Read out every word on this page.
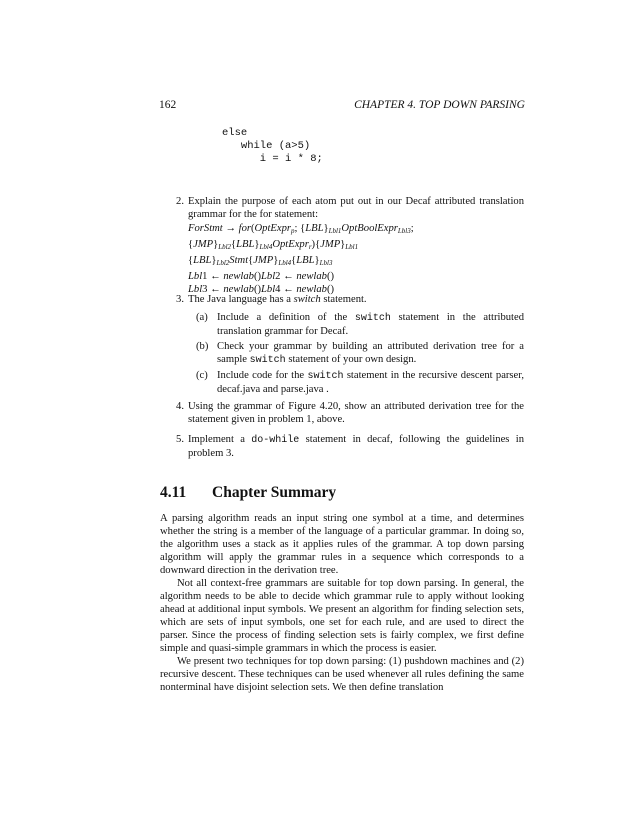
162	CHAPTER 4. TOP DOWN PARSING
else
while (a>5)
i = i * 8;
2. Explain the purpose of each atom put out in our Decaf attributed translation grammar for the for statement:
ForStmt → for(OptExpr$_p$; $\{LBL\}_{Lbl1}OptBoolExpr_{Lbl3}$;
$\{JMP\}_{Lbl2}\{LBL\}_{Lbl4}OptExpr_r)\{JMP\}_{Lbl1}$
$\{LBL\}_{Lbl2}Stmt\{JMP\}_{Lbl4}\{LBL\}_{Lbl3}$
Lbl1 ← newlab()Lbl2 ← newlab()
Lbl3 ← newlab()Lbl4 ← newlab()
3. The Java language has a switch statement.
(a) Include a definition of the switch statement in the attributed translation grammar for Decaf.
(b) Check your grammar by building an attributed derivation tree for a sample switch statement of your own design.
(c) Include code for the switch statement in the recursive descent parser, decaf.java and parse.java .
4. Using the grammar of Figure 4.20, show an attributed derivation tree for the statement given in problem 1, above.
5. Implement a do-while statement in decaf, following the guidelines in problem 3.
4.11 Chapter Summary

A parsing algorithm reads an input string one symbol at a time, and determines whether the string is a member of the language of a particular grammar. In doing so, the algorithm uses a stack as it applies rules of the grammar. A top down parsing algorithm will apply the grammar rules in a sequence which corresponds to a downward direction in the derivation tree.

Not all context-free grammars are suitable for top down parsing. In general, the algorithm needs to be able to decide which grammar rule to apply without looking ahead at additional input symbols. We present an algorithm for finding selection sets, which are sets of input symbols, one set for each rule, and are used to direct the parser. Since the process of finding selection sets is fairly complex, we first define simple and quasi-simple grammars in which the process is easier.

We present two techniques for top down parsing: (1) pushdown machines and (2) recursive descent. These techniques can be used whenever all rules defining the same nonterminal have disjoint selection sets. We then define translation
